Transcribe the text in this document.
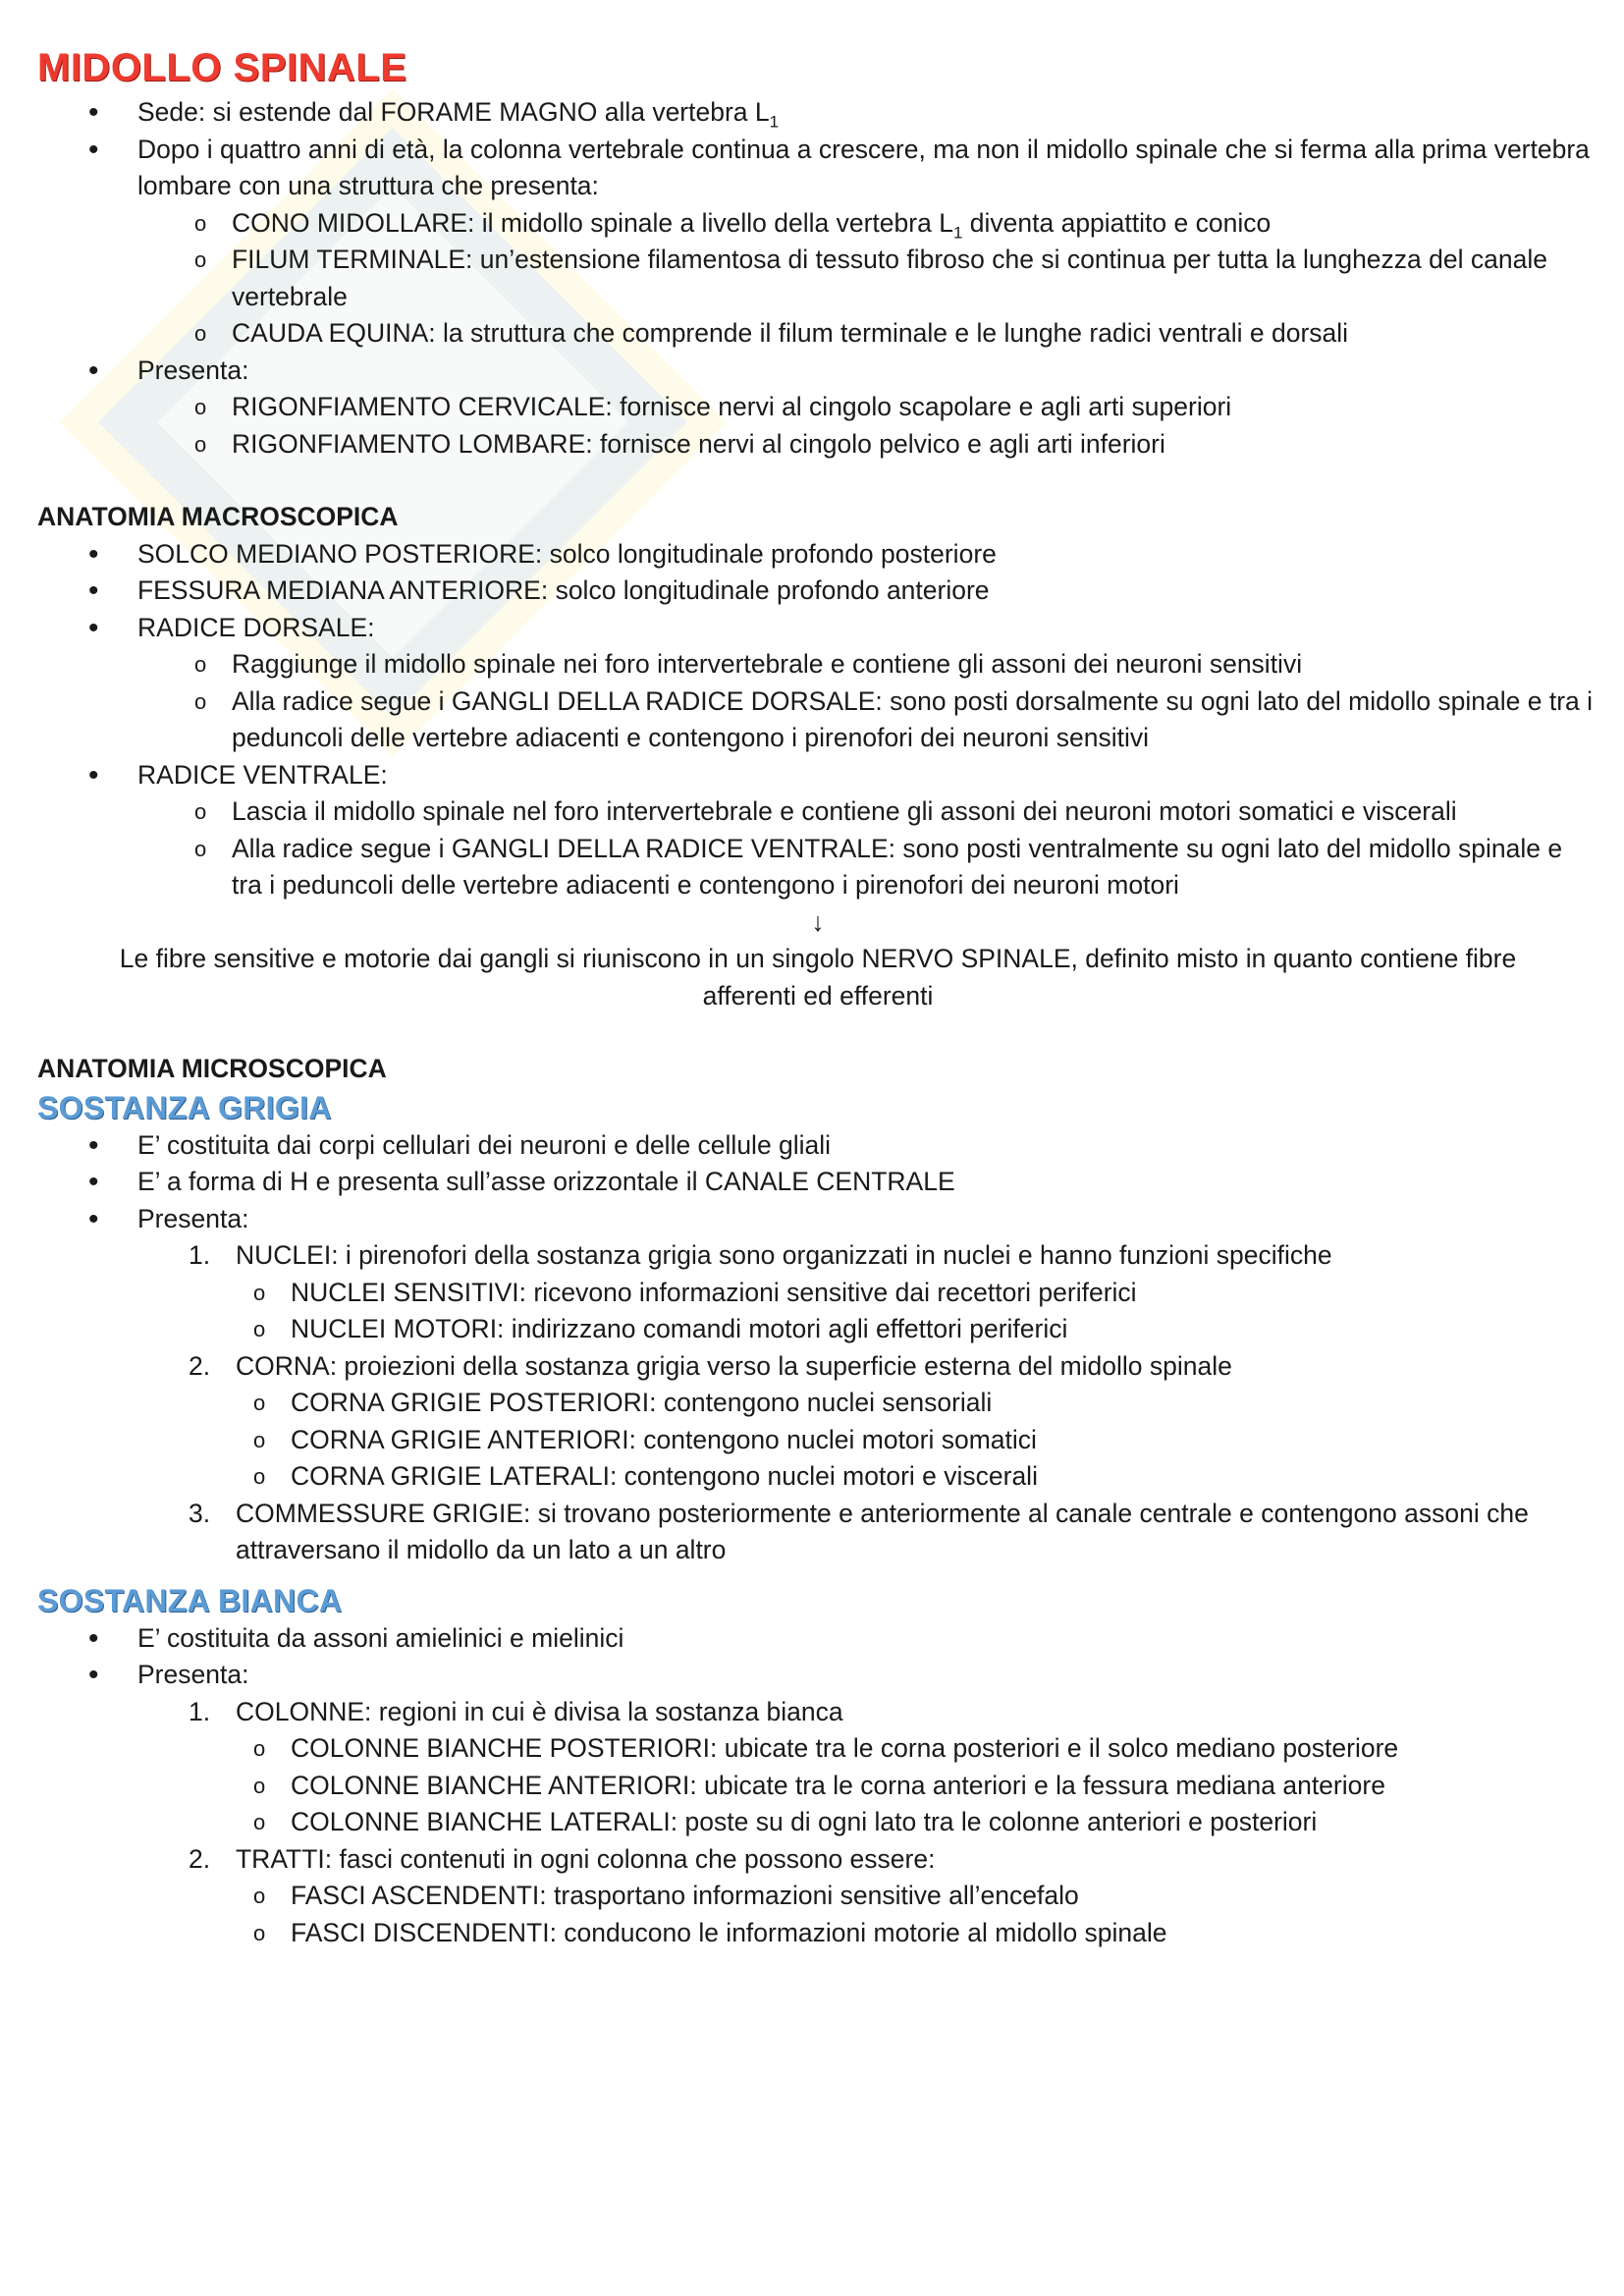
MIDOLLO SPINALE
• Sede: si estende dal FORAME MAGNO alla vertebra $L_1$
• Dopo i quattro anni di età, la colonna vertebrale continua a crescere, ma non il midollo spinale che si ferma alla prima vertebra lombare con una struttura che presenta:
o CONO MIDOLLARE: il midollo spinale a livello della vertebra $L_1$ diventa appiattito e conico
o FILUM TERMINALE: un’estensione filamentosa di tessuto fibroso che si continua per tutta la lunghezza del canale vertebrale
o CAUDA EQUINA: la struttura che comprende il filum terminale e le lunghe radici ventrali e dorsali
• Presenta:
o RIGONFIAMENTO CERVICALE: fornisce nervi al cingolo scapolare e agli arti superiori
o RIGONFIAMENTO LOMBARE: fornisce nervi al cingolo pelvico e agli arti inferiori

ANATOMIA MACROSCOPICA

• SOLCO MEDIANO POSTERIORE: solco longitudinale profondo posteriore
• FESSURA MEDIANA ANTERIORE: solco longitudinale profondo anteriore
• RADICE DORSALE:
o Raggiunge il midollo spinale nei foro intervertebrale e contiene gli assoni dei neuroni sensitivi
o Alla radice segue i GANGLI DELLA RADICE DORSALE: sono posti dorsalmente su ogni lato del midollo spinale e tra i peduncoli delle vertebre adiacenti e contengono i pirenofori dei neuroni sensitivi
• RADICE VENTRALE:
o Lascia il midollo spinale nel foro intervertebrale e contiene gli assoni dei neuroni motori somatici e viscerali
o Alla radice segue i GANGLI DELLA RADICE VENTRALE: sono posti ventralmente su ogni lato del midollo spinale e tra i peduncoli delle vertebre adiacenti e contengono i pirenofori dei neuroni motori

↓

Le fibre sensitive e motorie dai gangli si riuniscono in un singolo NERVO SPINALE, definito misto in quanto contiene fibre afferenti ed efferenti

ANATOMIA MICROSCOPICA

SOSTANZA GRIGIA
• E’ costituita dai corpi cellulari dei neuroni e delle cellule gliali
• E’ a forma di H e presenta sull’asse orizzontale il CANALE CENTRALE
• Presenta:
1. NUCLEI: i pirenofori della sostanza grigia sono organizzati in nuclei e hanno funzioni specifiche
o NUCLEI SENSITIVI: ricevono informazioni sensitive dai recettori periferici
o NUCLEI MOTORI: indirizzano comandi motori agli effettori periferici
2. CORNA: proiezioni della sostanza grigia verso la superficie esterna del midollo spinale
o CORNA GRIGIE POSTERIORI: contengono nuclei sensoriali
o CORNA GRIGIE ANTERIORI: contengono nuclei motori somatici
o CORNA GRIGIE LATERALI: contengono nuclei motori e viscerali
3. COMMESSURE GRIGIE: si trovano posteriormente e anteriormente al canale centrale e contengono assoni che attraversano il midollo da un lato a un altro
SOSTANZA BIANCA
• E’ costituita da assoni amielinici e mielinici
• Presenta:
1. COLONNE: regioni in cui è divisa la sostanza bianca
o COLONNE BIANCHE POSTERIORI: ubicate tra le corna posteriori e il solco mediano posteriore
o COLONNE BIANCHE ANTERIORI: ubicate tra le corna anteriori e la fessura mediana anteriore
o COLONNE BIANCHE LATERALI: poste su di ogni lato tra le colonne anteriori e posteriori
2. TRATTI: fasci contenuti in ogni colonna che possono essere:
o FASCI ASCENDENTI: trasportano informazioni sensitive all’encefalo
o FASCI DISCENDENTI: conducono le informazioni motorie al midollo spinale
